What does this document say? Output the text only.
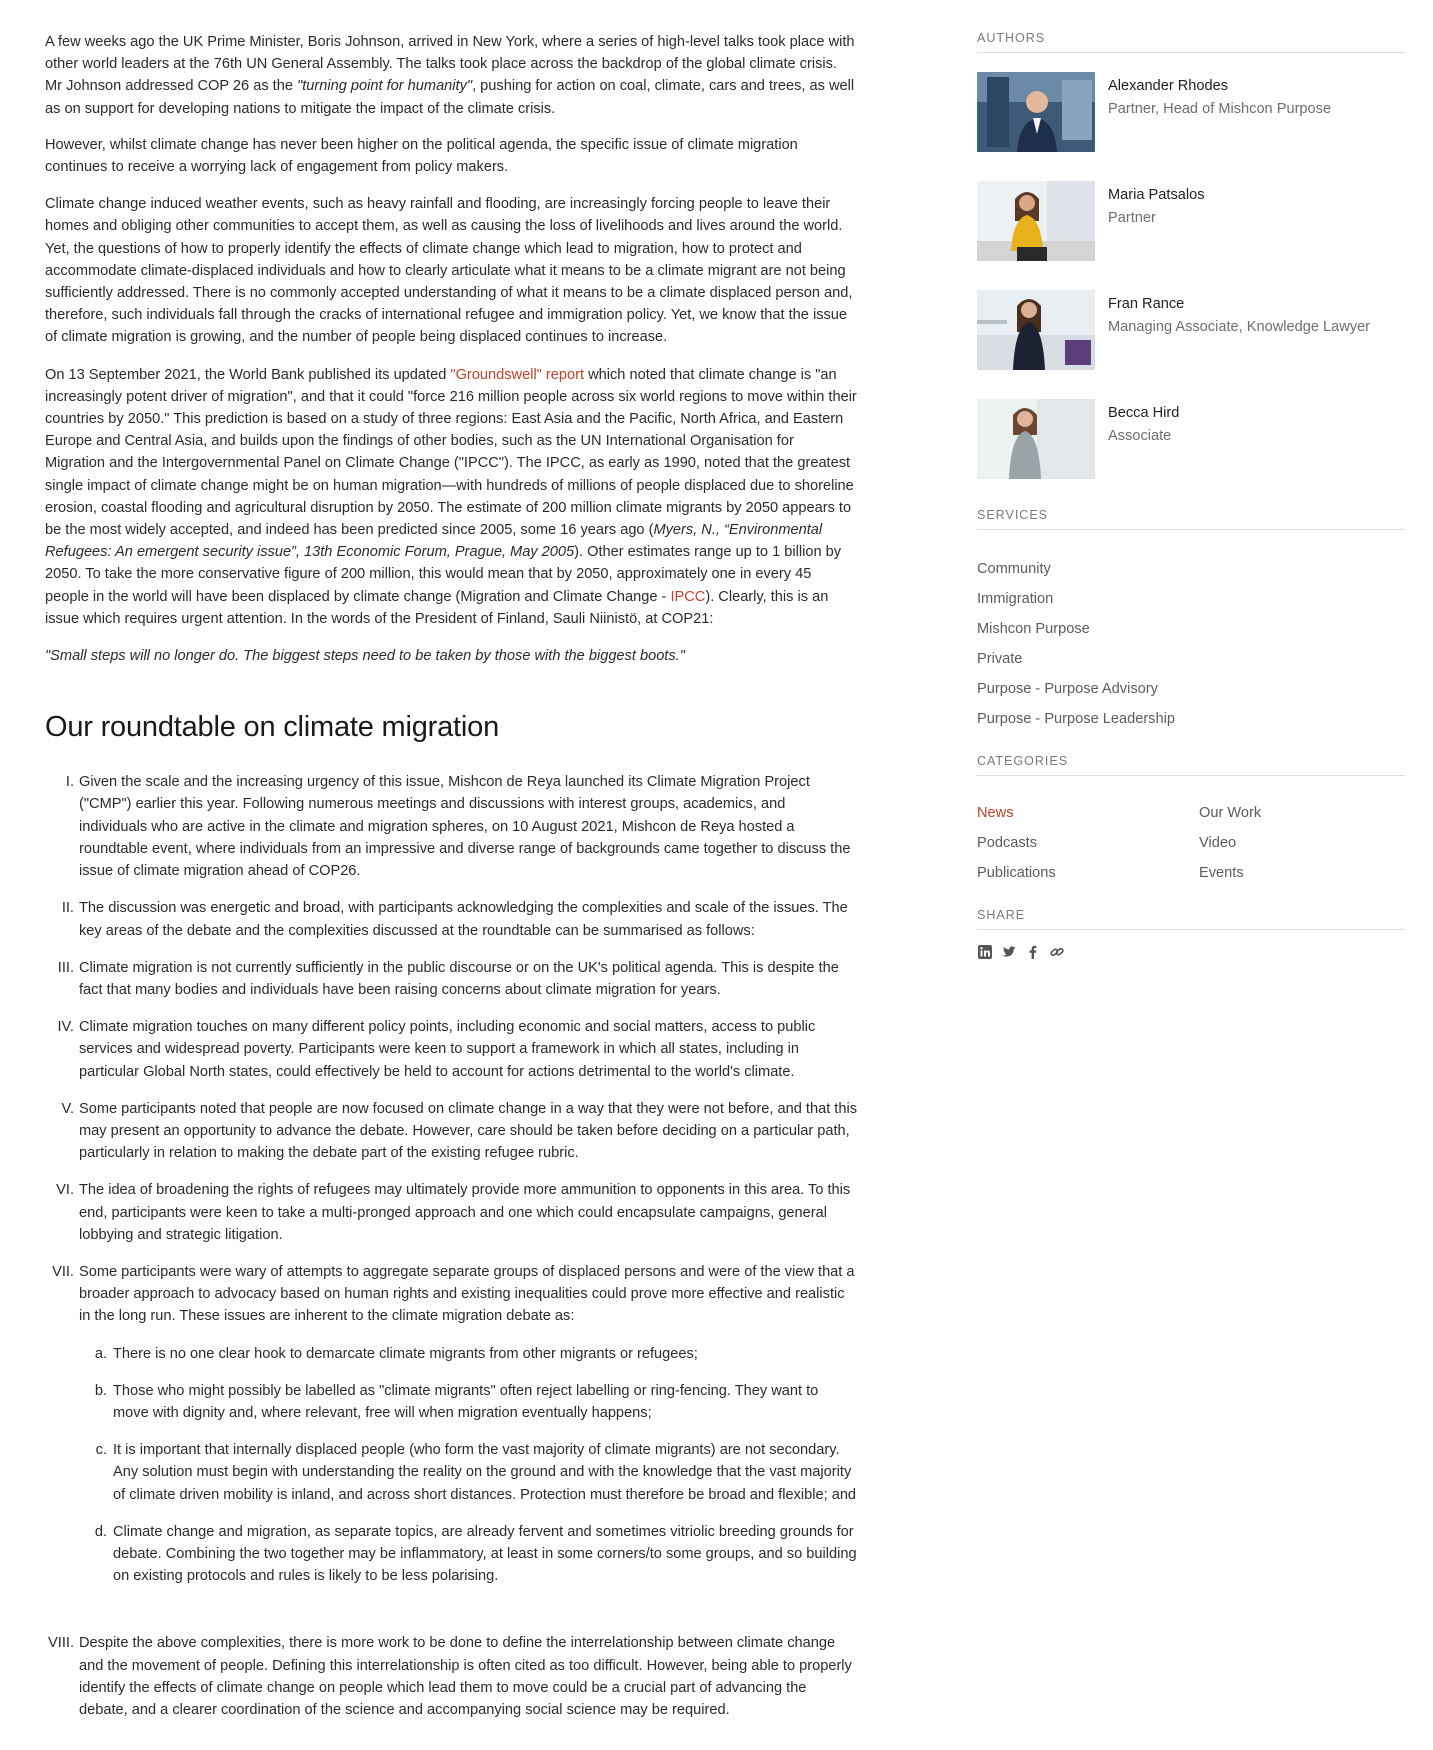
A few weeks ago the UK Prime Minister, Boris Johnson, arrived in New York, where a series of high-level talks took place with other world leaders at the 76th UN General Assembly. The talks took place across the backdrop of the global climate crisis. Mr Johnson addressed COP 26 as the "turning point for humanity", pushing for action on coal, climate, cars and trees, as well as on support for developing nations to mitigate the impact of the climate crisis.

However, whilst climate change has never been higher on the political agenda, the specific issue of climate migration continues to receive a worrying lack of engagement from policy makers.

Climate change induced weather events, such as heavy rainfall and flooding, are increasingly forcing people to leave their homes and obliging other communities to accept them, as well as causing the loss of livelihoods and lives around the world. Yet, the questions of how to properly identify the effects of climate change which lead to migration, how to protect and accommodate climate-displaced individuals and how to clearly articulate what it means to be a climate migrant are not being sufficiently addressed. There is no commonly accepted understanding of what it means to be a climate displaced person and, therefore, such individuals fall through the cracks of international refugee and immigration policy. Yet, we know that the issue of climate migration is growing, and the number of people being displaced continues to increase.

On 13 September 2021, the World Bank published its updated "Groundswell" report which noted that climate change is "an increasingly potent driver of migration", and that it could "force 216 million people across six world regions to move within their countries by 2050." This prediction is based on a study of three regions: East Asia and the Pacific, North Africa, and Eastern Europe and Central Asia, and builds upon the findings of other bodies, such as the UN International Organisation for Migration and the Intergovernmental Panel on Climate Change ("IPCC"). The IPCC, as early as 1990, noted that the greatest single impact of climate change might be on human migration—with hundreds of millions of people displaced due to shoreline erosion, coastal flooding and agricultural disruption by 2050. The estimate of 200 million climate migrants by 2050 appears to be the most widely accepted, and indeed has been predicted since 2005, some 16 years ago (Myers, N., “Environmental Refugees: An emergent security issue”, 13th Economic Forum, Prague, May 2005). Other estimates range up to 1 billion by 2050. To take the more conservative figure of 200 million, this would mean that by 2050, approximately one in every 45 people in the world will have been displaced by climate change (Migration and Climate Change - IPCC). Clearly, this is an issue which requires urgent attention. In the words of the President of Finland, Sauli Niinistö, at COP21:

"Small steps will no longer do. The biggest steps need to be taken by those with the biggest boots."

Our roundtable on climate migration
I. Given the scale and the increasing urgency of this issue, Mishcon de Reya launched its Climate Migration Project ("CMP") earlier this year. Following numerous meetings and discussions with interest groups, academics, and individuals who are active in the climate and migration spheres, on 10 August 2021, Mishcon de Reya hosted a roundtable event, where individuals from an impressive and diverse range of backgrounds came together to discuss the issue of climate migration ahead of COP26.
II. The discussion was energetic and broad, with participants acknowledging the complexities and scale of the issues. The key areas of the debate and the complexities discussed at the roundtable can be summarised as follows:
III. Climate migration is not currently sufficiently in the public discourse or on the UK's political agenda. This is despite the fact that many bodies and individuals have been raising concerns about climate migration for years.
IV. Climate migration touches on many different policy points, including economic and social matters, access to public services and widespread poverty. Participants were keen to support a framework in which all states, including in particular Global North states, could effectively be held to account for actions detrimental to the world's climate.
V. Some participants noted that people are now focused on climate change in a way that they were not before, and that this may present an opportunity to advance the debate. However, care should be taken before deciding on a particular path, particularly in relation to making the debate part of the existing refugee rubric.
VI. The idea of broadening the rights of refugees may ultimately provide more ammunition to opponents in this area. To this end, participants were keen to take a multi-pronged approach and one which could encapsulate campaigns, general lobbying and strategic litigation.
VII. Some participants were wary of attempts to aggregate separate groups of displaced persons and were of the view that a broader approach to advocacy based on human rights and existing inequalities could prove more effective and realistic in the long run. These issues are inherent to the climate migration debate as:
a. There is no one clear hook to demarcate climate migrants from other migrants or refugees;
b. Those who might possibly be labelled as "climate migrants" often reject labelling or ring-fencing. They want to move with dignity and, where relevant, free will when migration eventually happens;
c. It is important that internally displaced people (who form the vast majority of climate migrants) are not secondary. Any solution must begin with understanding the reality on the ground and with the knowledge that the vast majority of climate driven mobility is inland, and across short distances. Protection must therefore be broad and flexible; and
d. Climate change and migration, as separate topics, are already fervent and sometimes vitriolic breeding grounds for debate. Combining the two together may be inflammatory, at least in some corners/to some groups, and so building on existing protocols and rules is likely to be less polarising.
VIII. Despite the above complexities, there is more work to be done to define the interrelationship between climate change and the movement of people. Defining this interrelationship is often cited as too difficult. However, being able to properly identify the effects of climate change on people which lead them to move could be a crucial part of advancing the debate, and a clearer coordination of the science and accompanying social science may be required.
AUTHORS
Alexander Rhodes
Partner, Head of Mishcon Purpose
Maria Patsalos
Partner
Fran Rance
Managing Associate, Knowledge Lawyer
Becca Hird
Associate
SERVICES
Community
Immigration
Mishcon Purpose
Private
Purpose - Purpose Advisory
Purpose - Purpose Leadership
CATEGORIES
News	Our Work
Podcasts	Video
Publications	Events
SHARE
